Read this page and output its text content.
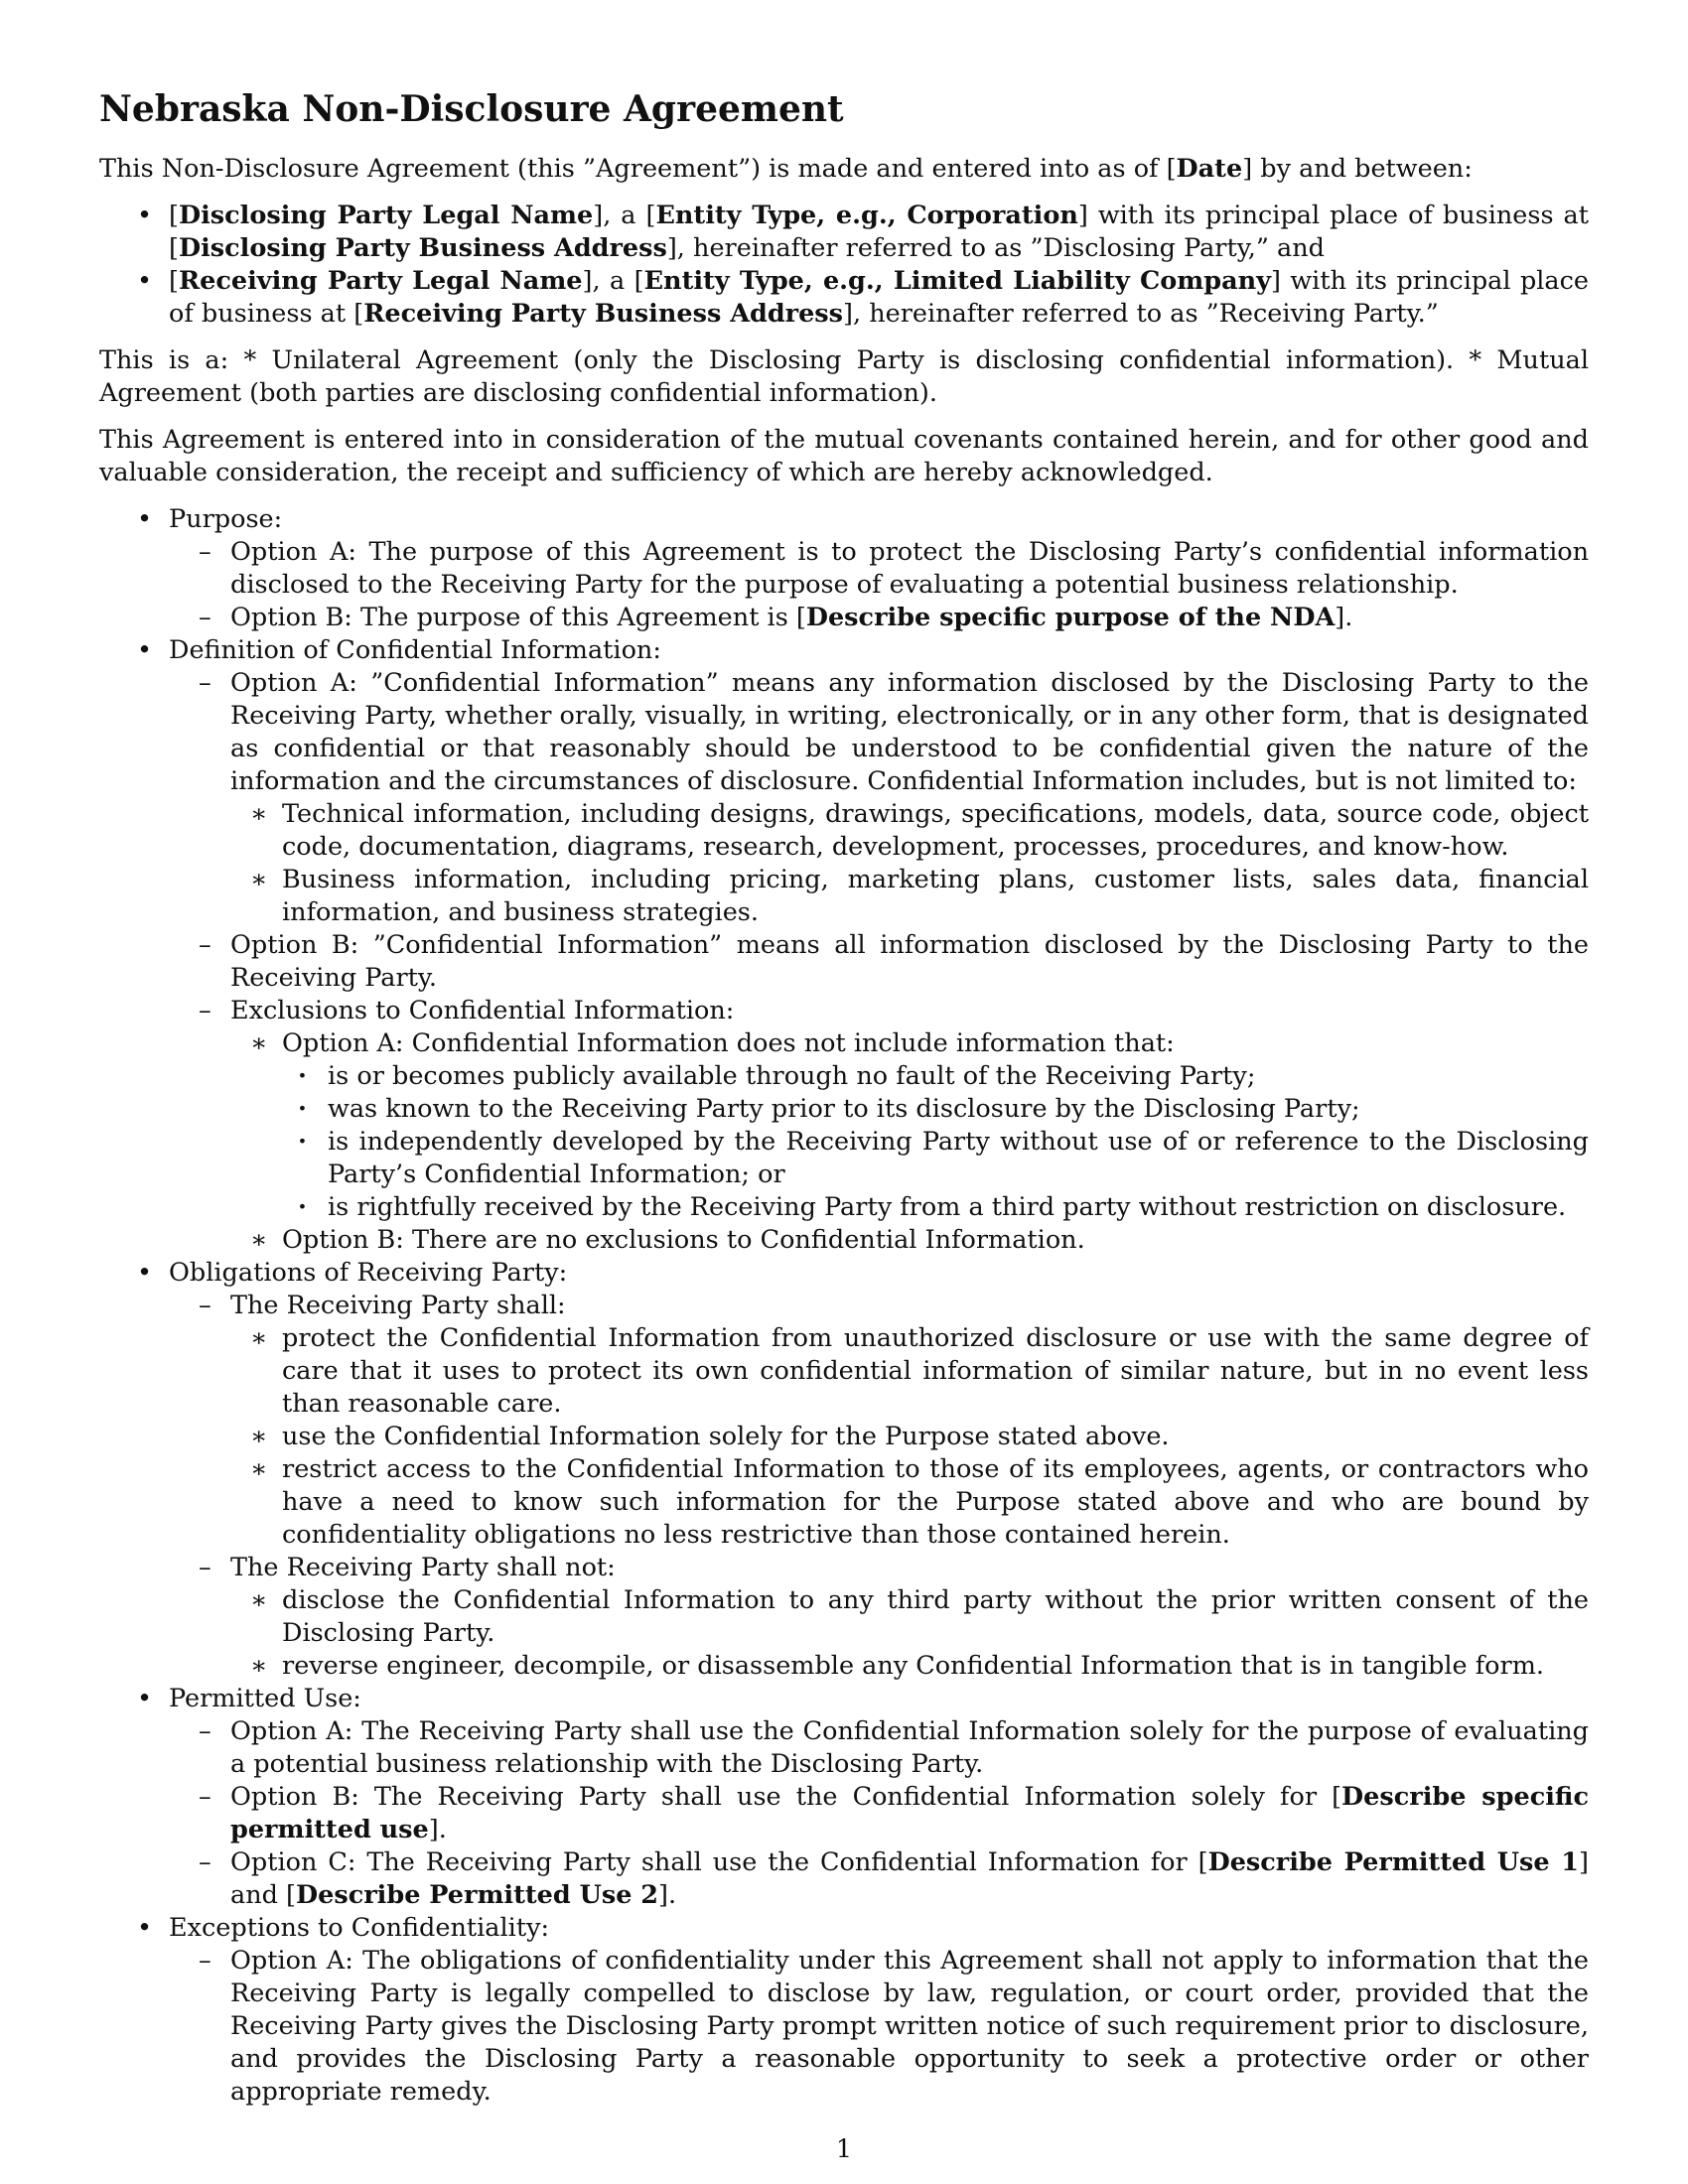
Nebraska Non-Disclosure Agreement

This Non-Disclosure Agreement (this ”Agreement”) is made and entered into as of [Date] by and between:

• [Disclosing Party Legal Name], a [Entity Type, e.g., Corporation] with its principal place of business at [Disclosing Party Business Address], hereinafter referred to as ”Disclosing Party,” and
• [Receiving Party Legal Name], a [Entity Type, e.g., Limited Liability Company] with its principal place of business at [Receiving Party Business Address], hereinafter referred to as ”Receiving Party.”

This is a: * Unilateral Agreement (only the Disclosing Party is disclosing confidential information). * Mutual Agreement (both parties are disclosing confidential information).

This Agreement is entered into in consideration of the mutual covenants contained herein, and for other good and valuable consideration, the receipt and sufficiency of which are hereby acknowledged.

• Purpose:
– Option A: The purpose of this Agreement is to protect the Disclosing Party’s confidential information disclosed to the Receiving Party for the purpose of evaluating a potential business relationship.
– Option B: The purpose of this Agreement is [Describe specific purpose of the NDA].
• Definition of Confidential Information:
– Option A: ”Confidential Information” means any information disclosed by the Disclosing Party to the Receiving Party, whether orally, visually, in writing, electronically, or in any other form, that is designated as confidential or that reasonably should be understood to be confidential given the nature of the information and the circumstances of disclosure. Confidential Information includes, but is not limited to:
∗ Technical information, including designs, drawings, specifications, models, data, source code, object code, documentation, diagrams, research, development, processes, procedures, and know-how.
∗ Business information, including pricing, marketing plans, customer lists, sales data, financial information, and business strategies.
– Option B: ”Confidential Information” means all information disclosed by the Disclosing Party to the Receiving Party.
– Exclusions to Confidential Information:
∗ Option A: Confidential Information does not include information that:
· is or becomes publicly available through no fault of the Receiving Party;
· was known to the Receiving Party prior to its disclosure by the Disclosing Party;
· is independently developed by the Receiving Party without use of or reference to the Disclosing Party’s Confidential Information; or
· is rightfully received by the Receiving Party from a third party without restriction on disclosure.
∗ Option B: There are no exclusions to Confidential Information.
• Obligations of Receiving Party:
– The Receiving Party shall:
∗ protect the Confidential Information from unauthorized disclosure or use with the same degree of care that it uses to protect its own confidential information of similar nature, but in no event less than reasonable care.
∗ use the Confidential Information solely for the Purpose stated above.
∗ restrict access to the Confidential Information to those of its employees, agents, or contractors who have a need to know such information for the Purpose stated above and who are bound by confidentiality obligations no less restrictive than those contained herein.
– The Receiving Party shall not:
∗ disclose the Confidential Information to any third party without the prior written consent of the Disclosing Party.
∗ reverse engineer, decompile, or disassemble any Confidential Information that is in tangible form.
• Permitted Use:
– Option A: The Receiving Party shall use the Confidential Information solely for the purpose of evaluating a potential business relationship with the Disclosing Party.
– Option B: The Receiving Party shall use the Confidential Information solely for [Describe specific permitted use].
– Option C: The Receiving Party shall use the Confidential Information for [Describe Permitted Use 1] and [Describe Permitted Use 2].
• Exceptions to Confidentiality:
– Option A: The obligations of confidentiality under this Agreement shall not apply to information that the Receiving Party is legally compelled to disclose by law, regulation, or court order, provided that the Receiving Party gives the Disclosing Party prompt written notice of such requirement prior to disclosure, and provides the Disclosing Party a reasonable opportunity to seek a protective order or other appropriate remedy.
1
